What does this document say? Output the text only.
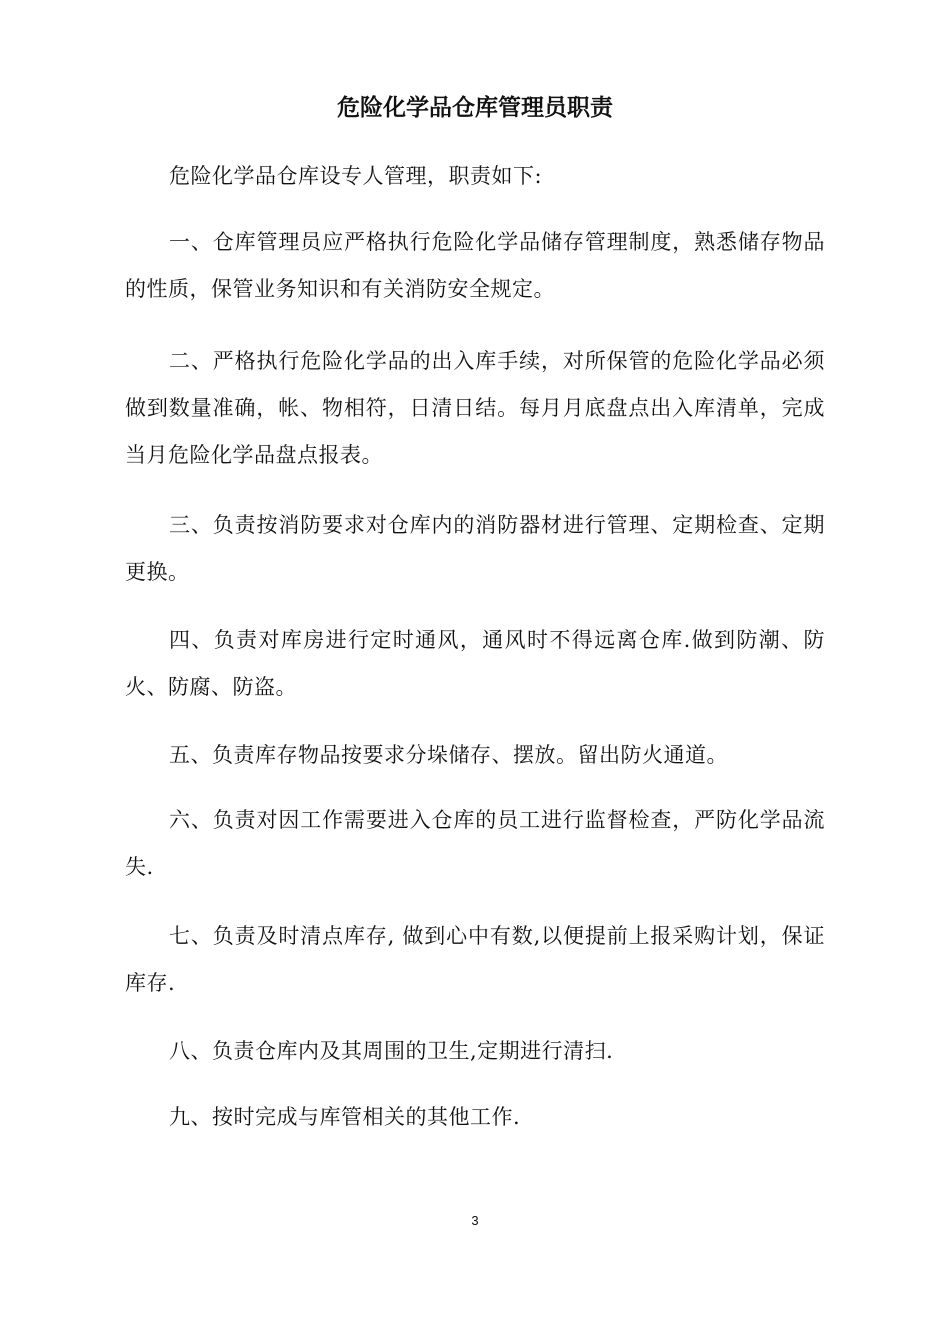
危险化学品仓库管理员职责

危险化学品仓库设专人管理，职责如下:

一、仓库管理员应严格执行危险化学品储存管理制度，熟悉储存物品的性质，保管业务知识和有关消防安全规定。

二、严格执行危险化学品的出入库手续，对所保管的危险化学品必须做到数量准确，帐、物相符，日清日结。每月月底盘点出入库清单，完成当月危险化学品盘点报表。

三、负责按消防要求对仓库内的消防器材进行管理、定期检查、定期更换。

四、负责对库房进行定时通风，通风时不得远离仓库.做到防潮、防火、防腐、防盗。

五、负责库存物品按要求分垛储存、摆放。留出防火通道。

六、负责对因工作需要进入仓库的员工进行监督检查，严防化学品流失.

七、负责及时清点库存, 做到心中有数,以便提前上报采购计划，保证库存.

八、负责仓库内及其周围的卫生,定期进行清扫.

九、按时完成与库管相关的其他工作.

3
